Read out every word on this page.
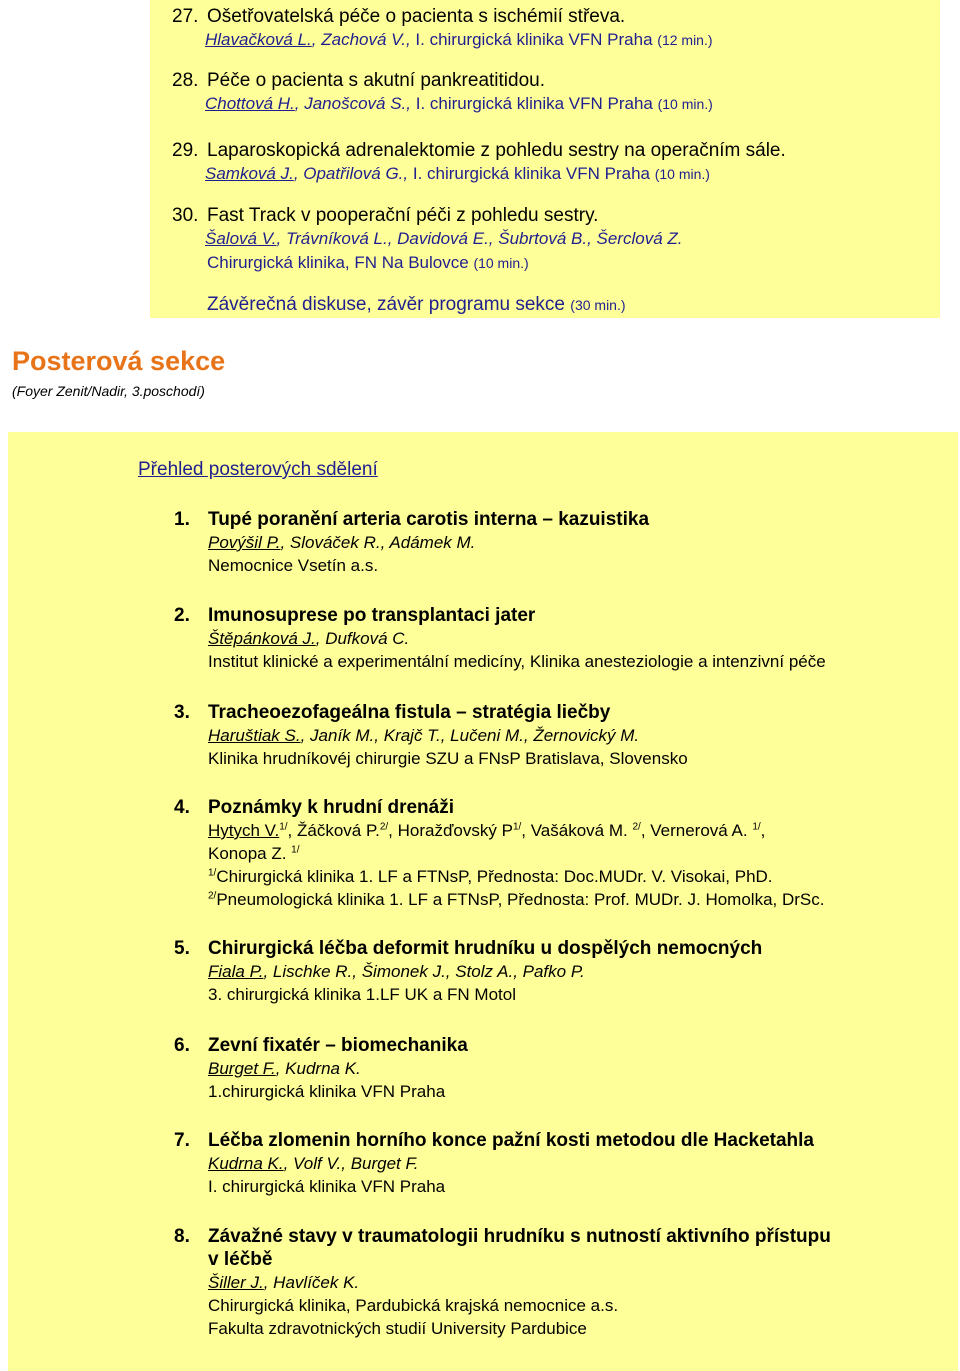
27. Ošetřovatelská péče o pacienta s ischémií střeva.
Hlavačková L., Zachová V., I. chirurgická klinika VFN Praha (12 min.)
28. Péče o pacienta s akutní pankreatitidou.
Chottová H., Janošcová S., I. chirurgická klinika VFN Praha (10 min.)
29. Laparoskopická adrenalektomie z pohledu sestry na operačním sále.
Samková J., Opatřilová G., I. chirurgická klinika VFN Praha (10 min.)
30. Fast Track v pooperační péči z pohledu sestry.
Šalová V., Trávníková L., Davidová E., Šubrtová B., Šerclová Z.
Chirurgická klinika, FN Na Bulovce (10 min.)
Závěrečná diskuse, závěr programu sekce (30 min.)
Posterová sekce
(Foyer Zenit/Nadir, 3.poschodí)
Přehled posterových sdělení
1. Tupé poranění arteria carotis interna – kazuistika
Povýšil P., Slováček R., Adámek M.
Nemocnice Vsetín a.s.
2. Imunosuprese po transplantaci jater
Štěpánková J., Dufková C.
Institut klinické a experimentální medicíny, Klinika anesteziologie a intenzivní péče
3. Tracheoezofageálna fistula – stratégia liečby
Haruštiak S., Janík M., Krajč T., Lučeni M., Žernovický M.
Klinika hrudníkovéj chirurgie SZU a FNsP Bratislava, Slovensko
4. Poznámky k hrudní drenáži
Hytych V.$^{1/}$, Žáčková P.$^{2/}$, Horažďovský $P^{1/}$, Vašáková M. $^{2/}$, Vernerová A. $^{1/}$,
Konopa Z. $^{1/}$
$^{1/}$Chirurgická klinika 1. LF a FTNsP, Přednosta: Doc.MUDr. V. Visokai, PhD.
$^{2/}$Pneumologická klinika 1. LF a FTNsP, Přednosta: Prof. MUDr. J. Homolka, DrSc.
5. Chirurgická léčba deformit hrudníku u dospělých nemocných
Fiala P., Lischke R., Šimonek J., Stolz A., Pafko P.
3. chirurgická klinika 1.LF UK a FN Motol
6. Zevní fixatér – biomechanika
Burget F., Kudrna K.
1.chirurgická klinika VFN Praha
7. Léčba zlomenin horního konce pažní kosti metodou dle Hacketahla
Kudrna K., Volf V., Burget F.
I. chirurgická klinika VFN Praha
8. Závažné stavy v traumatologii hrudníku s nutností aktivního přístupu
v léčbě
Šiller J., Havlíček K.
Chirurgická klinika, Pardubická krajská nemocnice a.s.
Fakulta zdravotnických studií University Pardubice
